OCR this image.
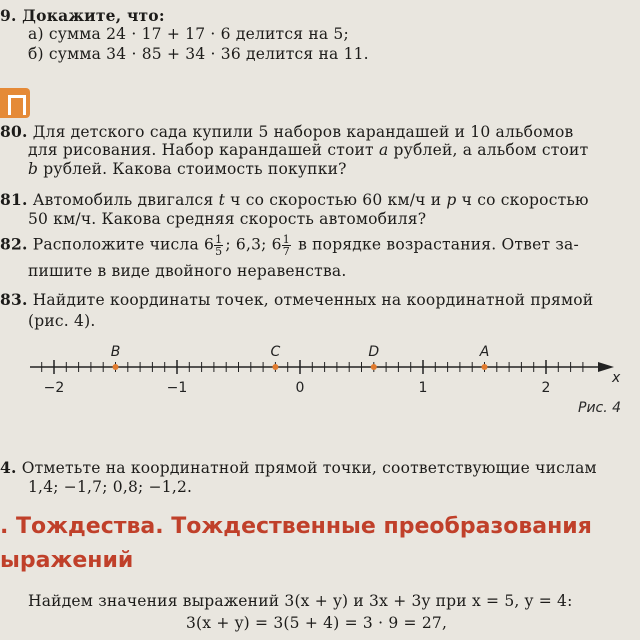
9. Докажите, что:
а) сумма 24 · 17 + 17 · 6 делится на 5;
б) сумма 34 · 85 + 34 · 36 делится на 11.
80. Для детского сада купили 5 наборов карандашей и 10 альбомов
для рисования. Набор карандашей стоит a рублей, а альбом стоит
b рублей. Какова стоимость покупки?
81. Автомобиль двигался t ч со скоростью 60 км/ч и p ч со скоростью
50 км/ч. Какова средняя скорость автомобиля?
82. Расположите числа $6 \frac{1}{5}$ ; 6,3; $6 \frac{1}{7}$ в порядке возрастания. Ответ за-
пишите в виде двойного неравенства.
83. Найдите координаты точек, отмеченных на координатной прямой
(рис. 4).
x
−2	−1	0	1	2
B	C	D	A
Рис. 4
4. Отметьте на координатной прямой точки, соответствующие числам
1,4; −1,7; 0,8; −1,2.
. Тождества. Тождественные преобразования
ыражений
Найдем значения выражений 3(x + y) и 3x + 3y при x = 5, y = 4:
3(x + y) = 3(5 + 4) = 3 · 9 = 27,
